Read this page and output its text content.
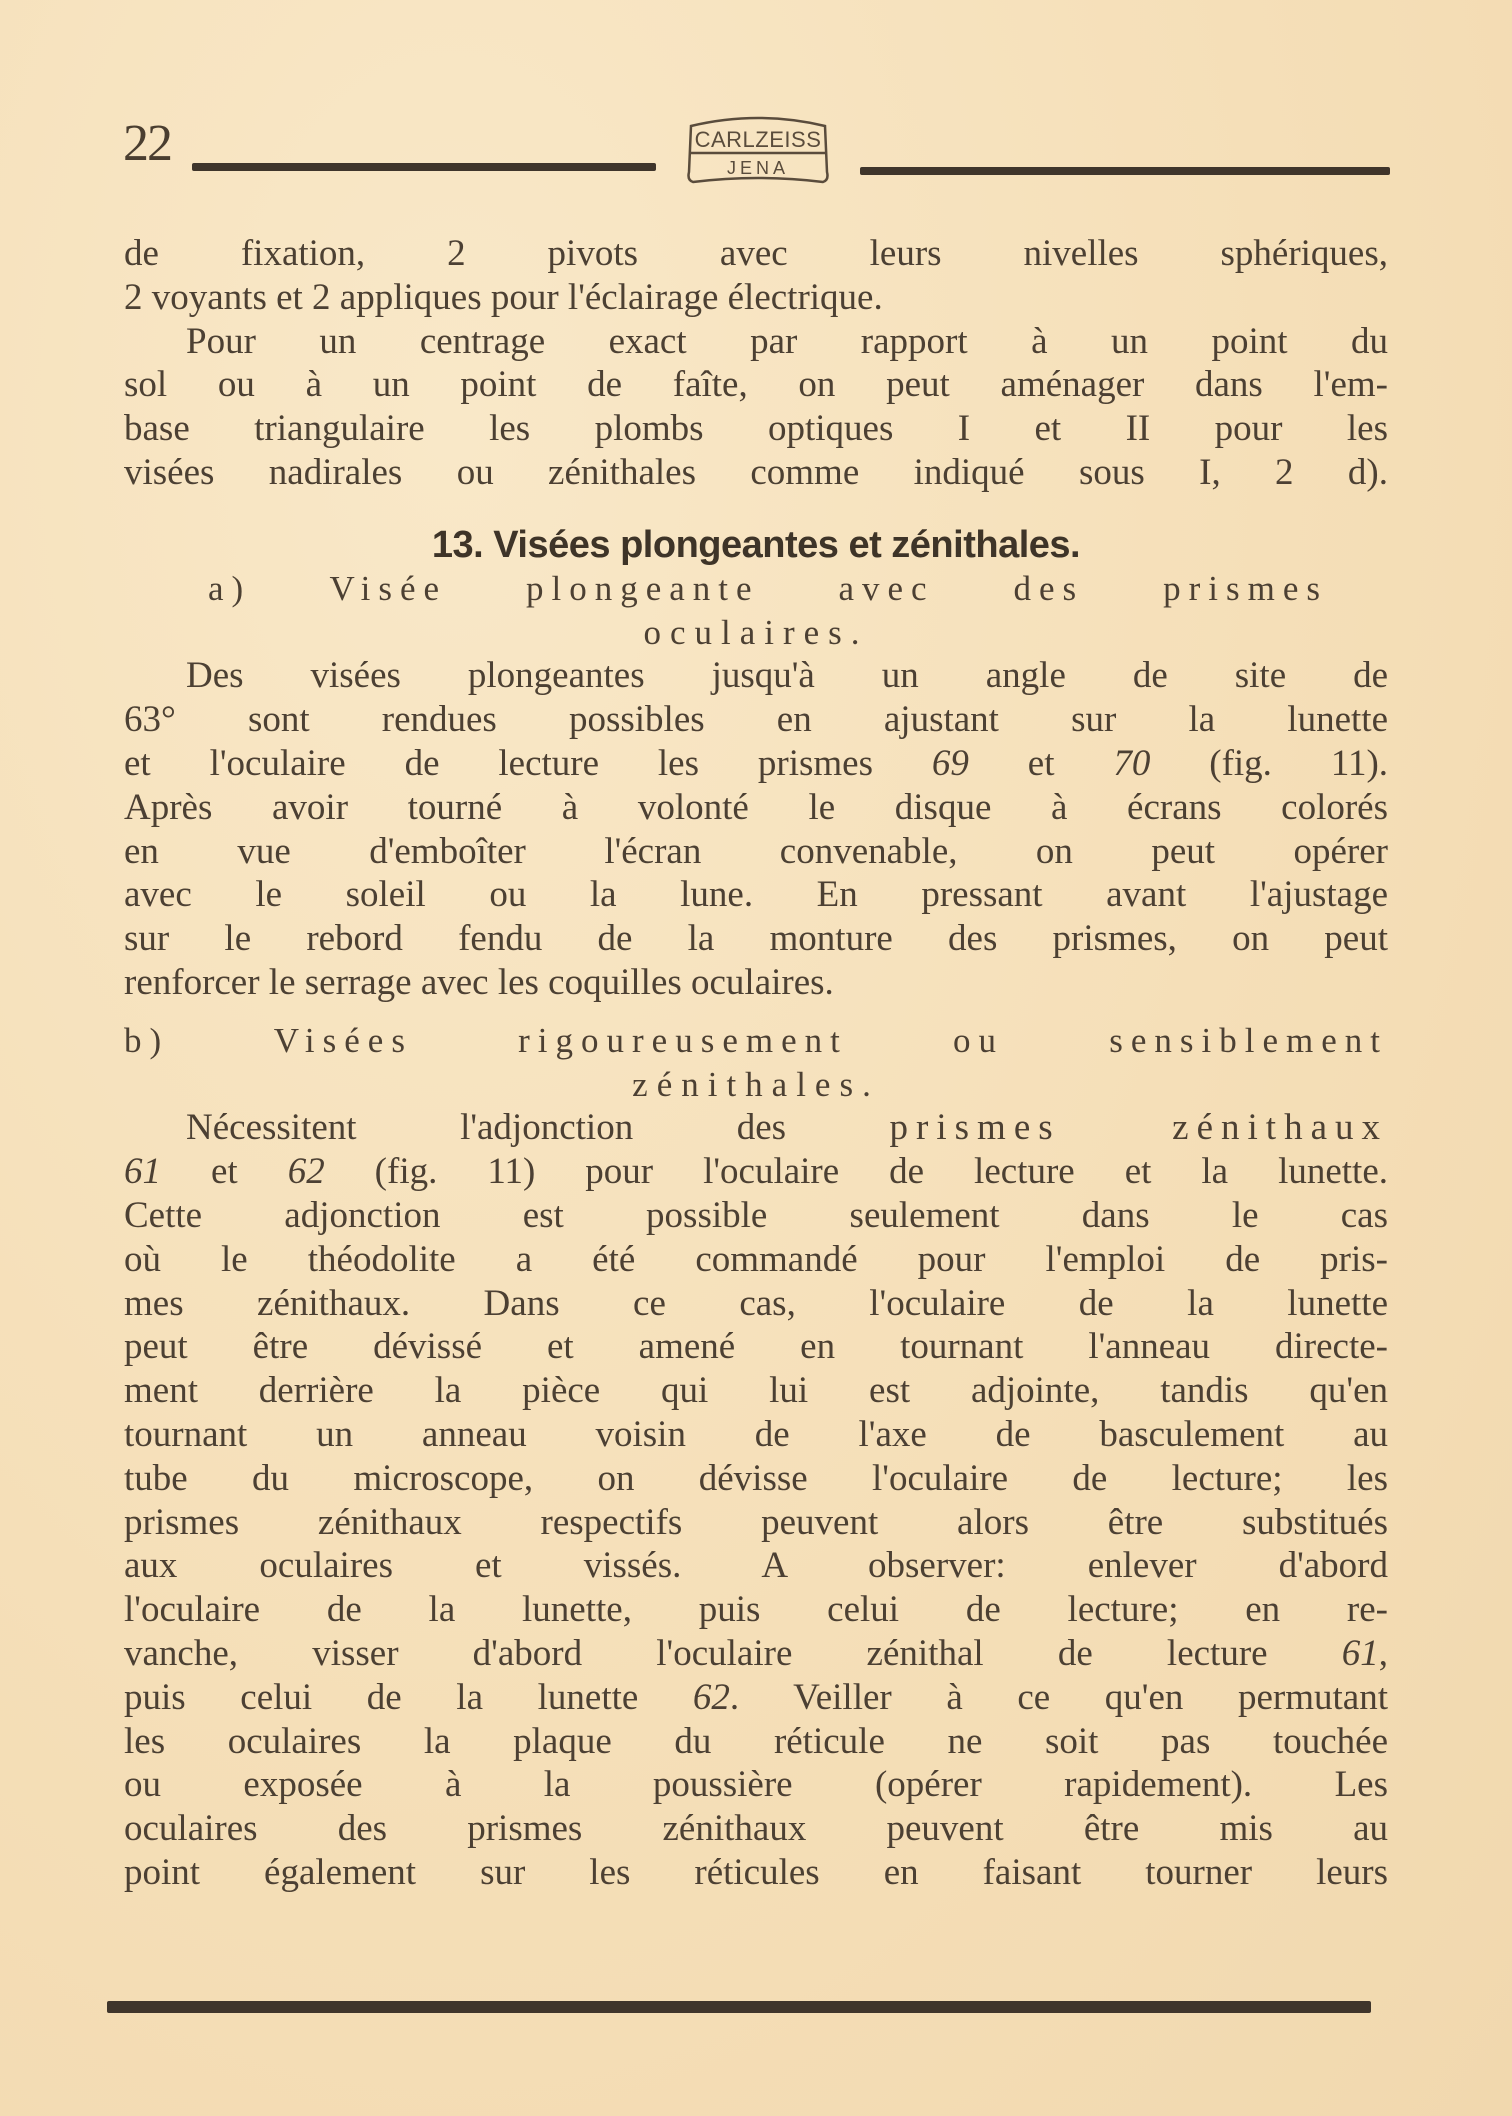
22	CARLZEISS
JENA
de fixation, 2 pivots avec leurs nivelles sphériques,
2 voyants et 2 appliques pour l'éclairage électrique.
Pour un centrage exact par rapport à un point du
sol ou à un point de faîte, on peut aménager dans l'em-
base triangulaire les plombs optiques I et II pour les
visées nadirales ou zénithales comme indiqué sous I, 2 d).
13. Visées plongeantes et zénithales.
a) Visée plongeante avec des prismes
oculaires.
Des visées plongeantes jusqu'à un angle de site de
63° sont rendues possibles en ajustant sur la lunette
et l'oculaire de lecture les prismes 69 et 70 (fig. 11).
Après avoir tourné à volonté le disque à écrans colorés
en vue d'emboîter l'écran convenable, on peut opérer
avec le soleil ou la lune. En pressant avant l'ajustage
sur le rebord fendu de la monture des prismes, on peut
renforcer le serrage avec les coquilles oculaires.
b) Visées rigoureusement ou sensiblement
zénithales.
Nécessitent l'adjonction des prismes zénithaux
61 et 62 (fig. 11) pour l'oculaire de lecture et la lunette.
Cette adjonction est possible seulement dans le cas
où le théodolite a été commandé pour l'emploi de pris-
mes zénithaux. Dans ce cas, l'oculaire de la lunette
peut être dévissé et amené en tournant l'anneau directe-
ment derrière la pièce qui lui est adjointe, tandis qu'en
tournant un anneau voisin de l'axe de basculement au
tube du microscope, on dévisse l'oculaire de lecture; les
prismes zénithaux respectifs peuvent alors être substitués
aux oculaires et vissés. A observer: enlever d'abord
l'oculaire de la lunette, puis celui de lecture; en re-
vanche, visser d'abord l'oculaire zénithal de lecture 61,
puis celui de la lunette 62. Veiller à ce qu'en permutant
les oculaires la plaque du réticule ne soit pas touchée
ou exposée à la poussière (opérer rapidement). Les
oculaires des prismes zénithaux peuvent être mis au
point également sur les réticules en faisant tourner leurs
